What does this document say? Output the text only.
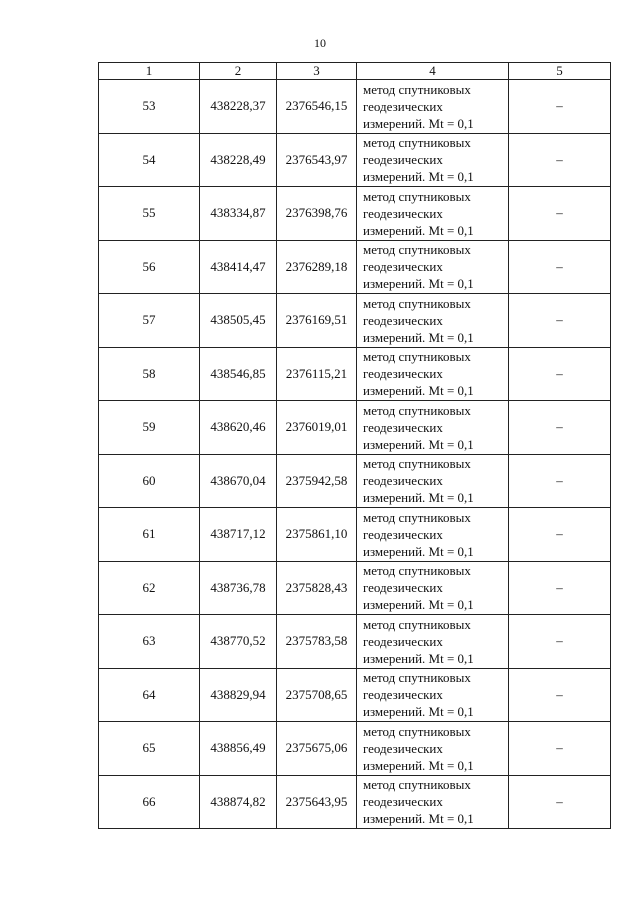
10
1	2	3	4	5
53	438228,37	2376546,15	метод спутниковых
геодезических
измерений. Mt = 0,1	–
54	438228,49	2376543,97	метод спутниковых
геодезических
измерений. Mt = 0,1	–
55	438334,87	2376398,76	метод спутниковых
геодезических
измерений. Mt = 0,1	–
56	438414,47	2376289,18	метод спутниковых
геодезических
измерений. Mt = 0,1	–
57	438505,45	2376169,51	метод спутниковых
геодезических
измерений. Mt = 0,1	–
58	438546,85	2376115,21	метод спутниковых
геодезических
измерений. Mt = 0,1	–
59	438620,46	2376019,01	метод спутниковых
геодезических
измерений. Mt = 0,1	–
60	438670,04	2375942,58	метод спутниковых
геодезических
измерений. Mt = 0,1	–
61	438717,12	2375861,10	метод спутниковых
геодезических
измерений. Mt = 0,1	–
62	438736,78	2375828,43	метод спутниковых
геодезических
измерений. Mt = 0,1	–
63	438770,52	2375783,58	метод спутниковых
геодезических
измерений. Mt = 0,1	–
64	438829,94	2375708,65	метод спутниковых
геодезических
измерений. Mt = 0,1	–
65	438856,49	2375675,06	метод спутниковых
геодезических
измерений. Mt = 0,1	–
66	438874,82	2375643,95	метод спутниковых
геодезических
измерений. Mt = 0,1	–
